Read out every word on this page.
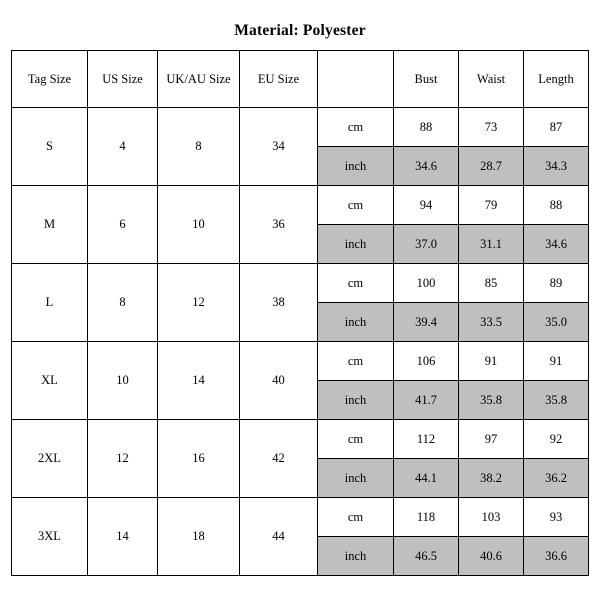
Material: Polyester
Tag Size	US Size	UK/AU Size	EU Size		Bust	Waist	Length
S	4	8	34	cm	88	73	87
				inch	34.6	28.7	34.3
M	6	10	36	cm	94	79	88
				inch	37.0	31.1	34.6
L	8	12	38	cm	100	85	89
				inch	39.4	33.5	35.0
XL	10	14	40	cm	106	91	91
				inch	41.7	35.8	35.8
2XL	12	16	42	cm	112	97	92
				inch	44.1	38.2	36.2
3XL	14	18	44	cm	118	103	93
				inch	46.5	40.6	36.6
